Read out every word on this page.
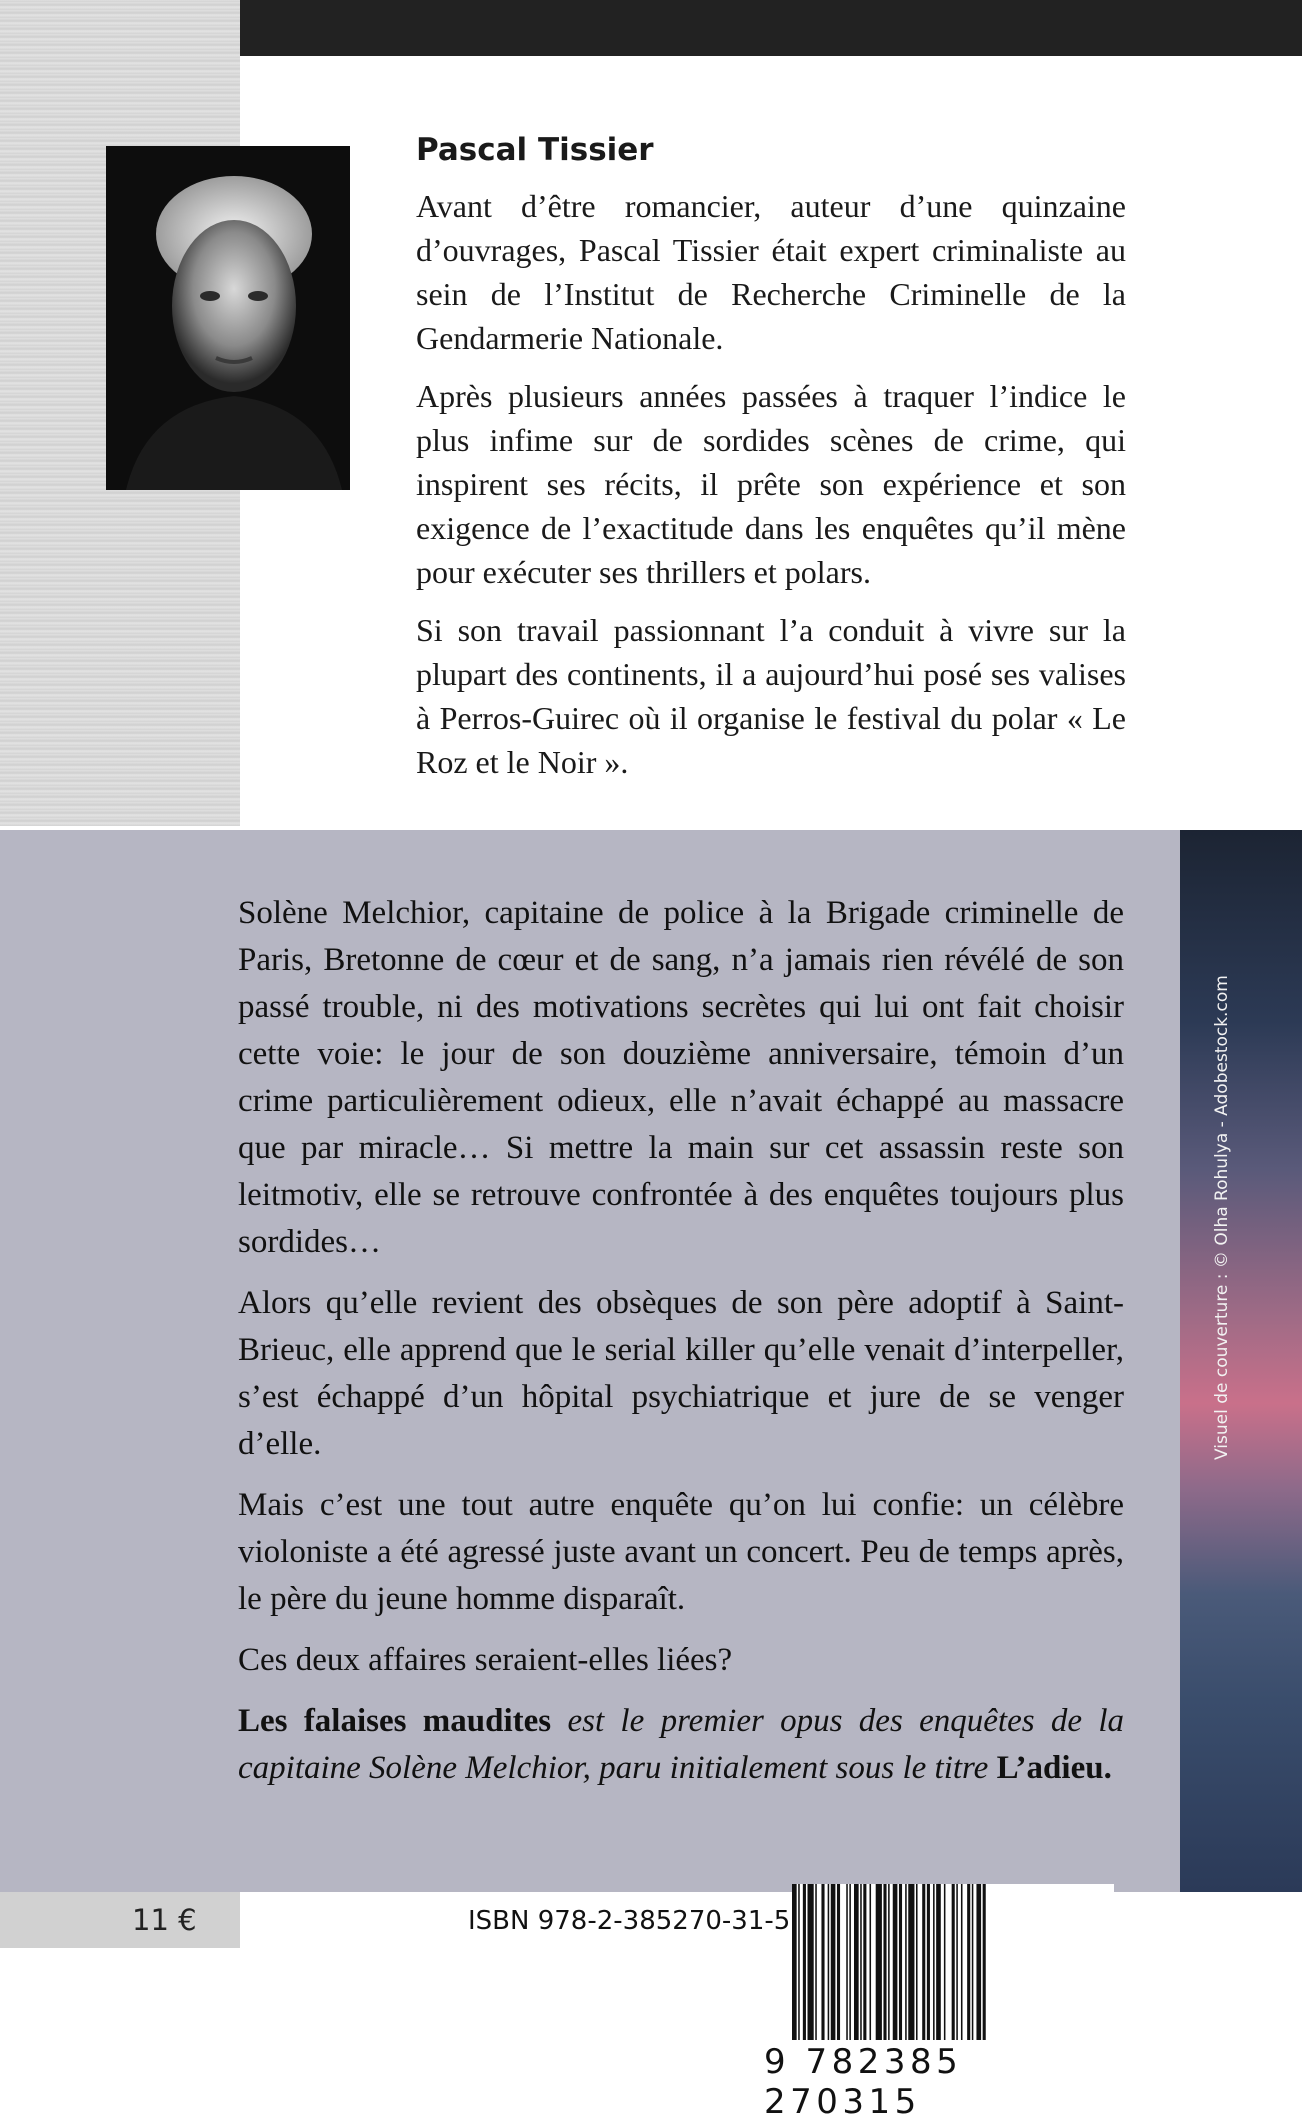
Pascal Tissier

Avant d’être romancier, auteur d’une quinzaine d’ouvrages, Pascal Tissier était expert criminaliste au sein de l’Institut de Recherche Criminelle de la Gendarmerie Nationale.

Après plusieurs années passées à traquer l’indice le plus infime sur de sordides scènes de crime, qui inspirent ses récits, il prête son expérience et son exigence de l’exactitude dans les enquêtes qu’il mène pour exécuter ses thrillers et polars.

Si son travail passionnant l’a conduit à vivre sur la plupart des continents, il a aujourd’hui posé ses valises à Perros-Guirec où il organise le festival du polar « Le Roz et le Noir ».

Visuel de couverture : © Olha Rohulya - Adobestock.com

Solène Melchior, capitaine de police à la Brigade criminelle de Paris, Bretonne de cœur et de sang, n’a jamais rien révélé de son passé trouble, ni des motivations secrètes qui lui ont fait choisir cette voie: le jour de son douzième anniversaire, témoin d’un crime particulièrement odieux, elle n’avait échappé au massacre que par miracle… Si mettre la main sur cet assassin reste son leitmotiv, elle se retrouve confrontée à des enquêtes toujours plus sordides…

Alors qu’elle revient des obsèques de son père adoptif à Saint-Brieuc, elle apprend que le serial killer qu’elle venait d’interpeller, s’est échappé d’un hôpital psychiatrique et jure de se venger d’elle.

Mais c’est une tout autre enquête qu’on lui confie: un célèbre violoniste a été agressé juste avant un concert. Peu de temps après, le père du jeune homme disparaît.

Ces deux affaires seraient-elles liées?

Les falaises maudites est le premier opus des enquêtes de la capitaine Solène Melchior, paru initialement sous le titre L’adieu.

11 €	ISBN 978-2-385270-31-5
9 782385 270315
